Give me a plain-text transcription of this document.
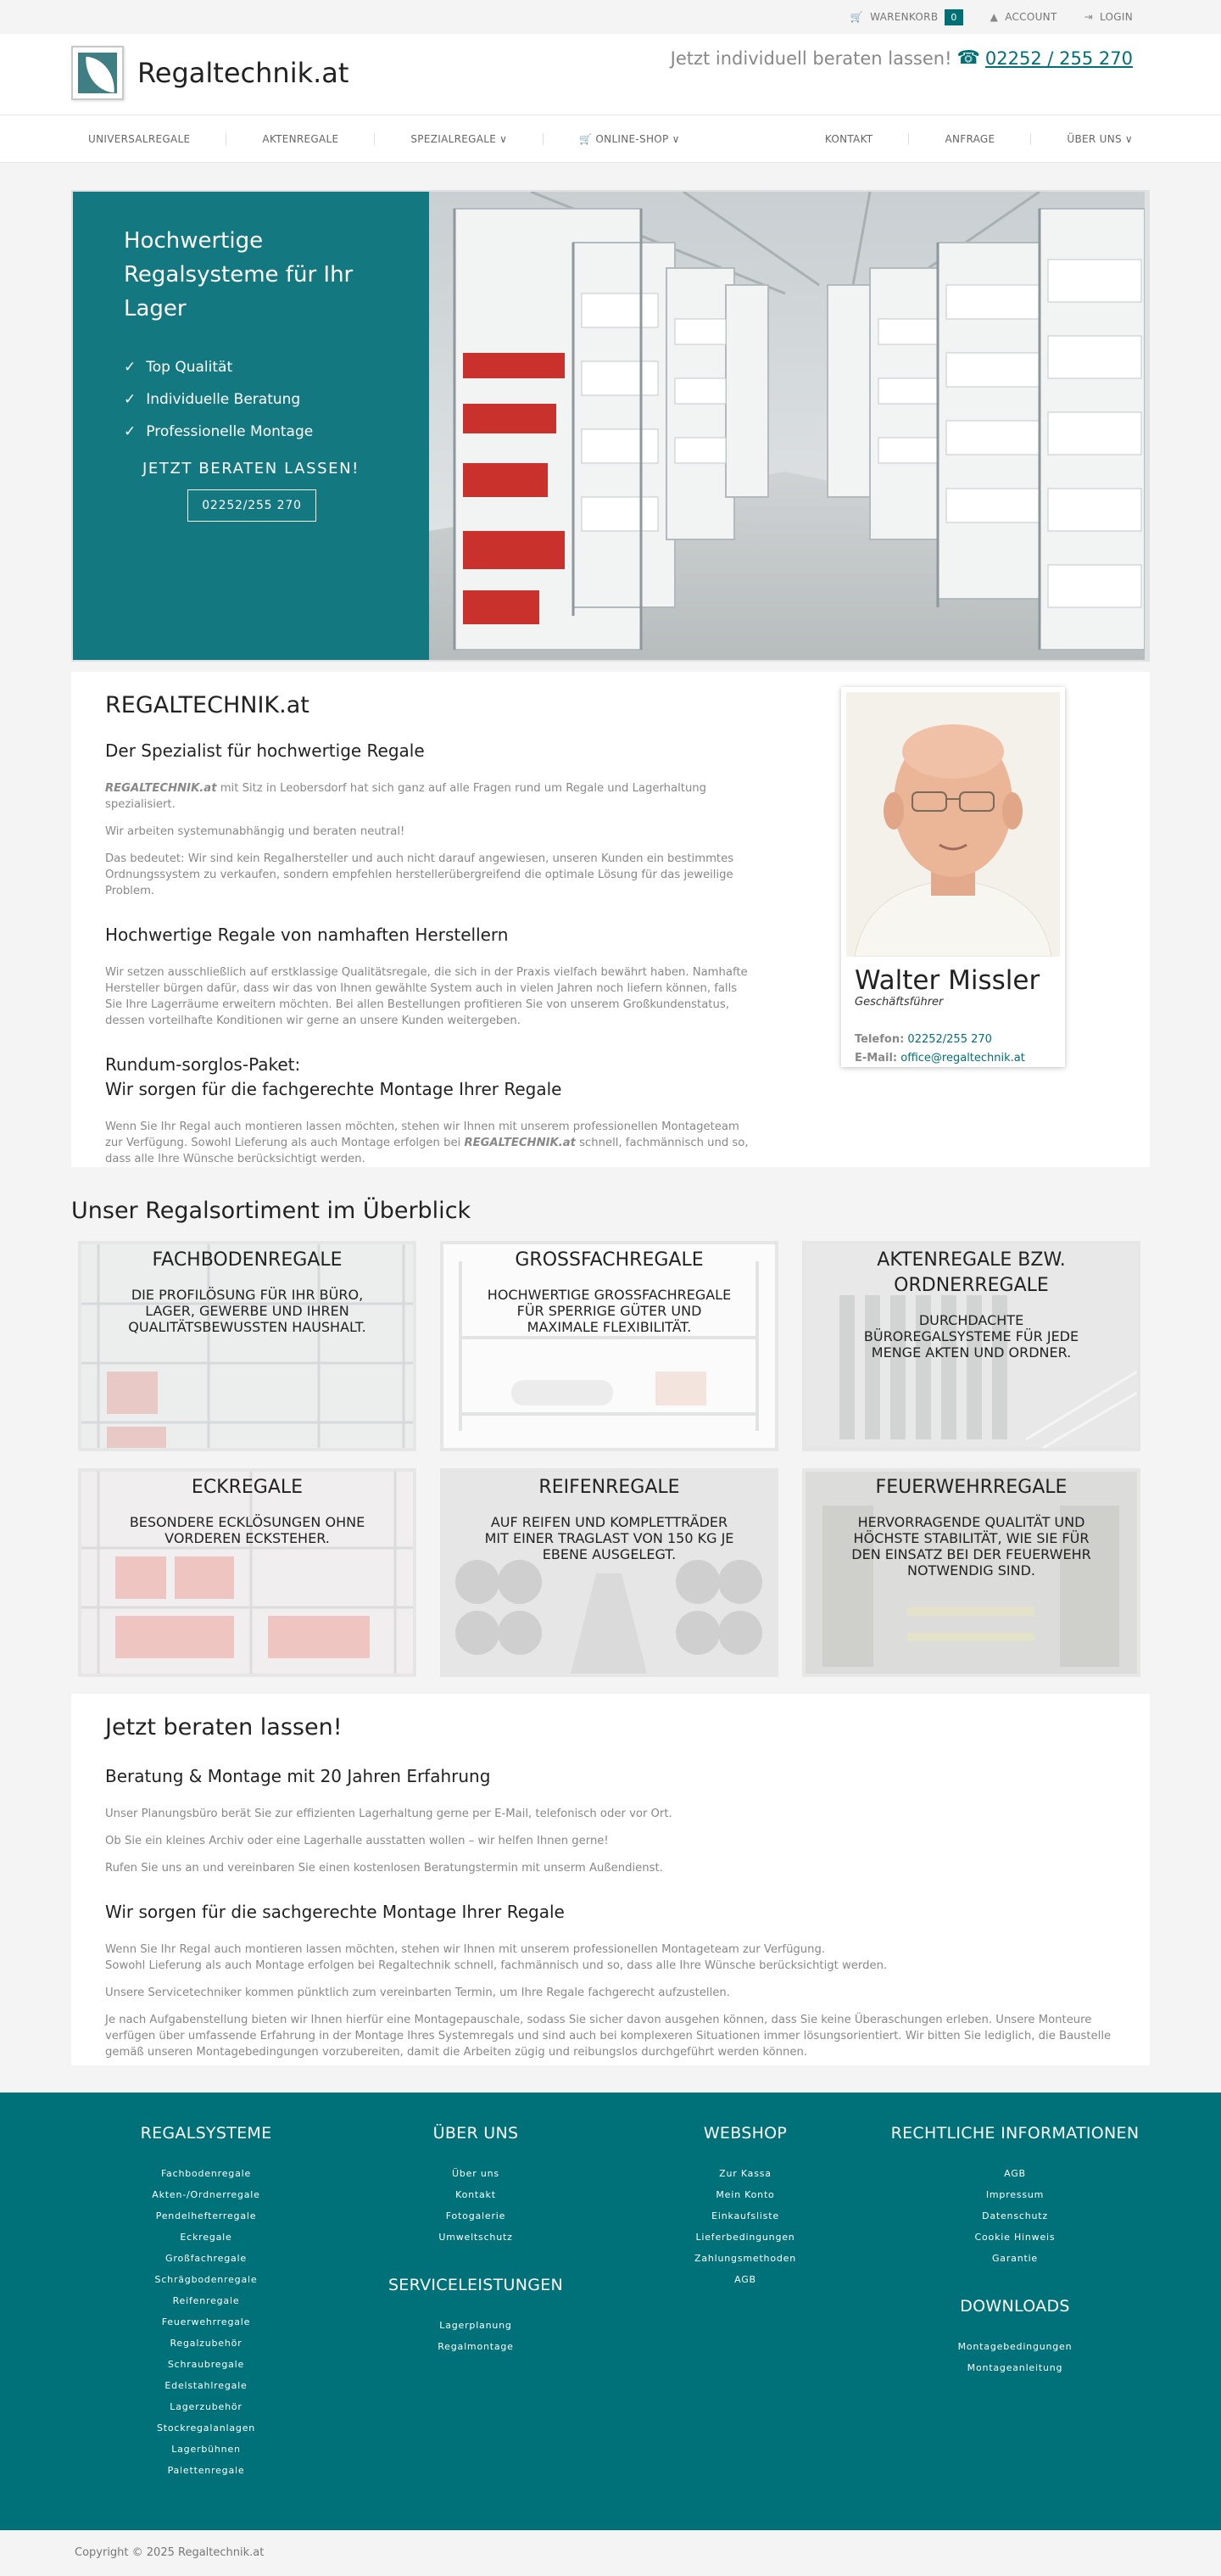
🛒 WARENKORB	0	▲ ACCOUNT	⇥ LOGIN
Regaltechnik.at	Jetzt individuell beraten lassen! ☎ 02252 / 255 270
UNIVERSALREGALE	AKTENREGALE	SPEZIALREGALE ∨	🛒 ONLINE-SHOP ∨	KONTAKT	ANFRAGE	ÜBER UNS ∨
Hochwertige Regalsysteme für Ihr Lager
✓ Top Qualität
✓ Individuelle Beratung
✓ Professionelle Montage
JETZT BERATEN LASSEN!
02252/255 270
REGALTECHNIK.at
Der Spezialist für hochwertige Regale

REGALTECHNIK.at mit Sitz in Leobersdorf hat sich ganz auf alle Fragen rund um Regale und Lagerhaltung spezialisiert.

Wir arbeiten systemunabhängig und beraten neutral!

Das bedeutet: Wir sind kein Regalhersteller und auch nicht darauf angewiesen, unseren Kunden ein bestimmtes Ordnungssystem zu verkaufen, sondern empfehlen herstellerübergreifend die optimale Lösung für das jeweilige Problem.

Hochwertige Regale von namhaften Herstellern

Wir setzen ausschließlich auf erstklassige Qualitätsregale, die sich in der Praxis vielfach bewährt haben. Namhafte Hersteller bürgen dafür, dass wir das von Ihnen gewählte System auch in vielen Jahren noch liefern können, falls Sie Ihre Lagerräume erweitern möchten. Bei allen Bestellungen profitieren Sie von unserem Großkundenstatus, dessen vorteilhafte Konditionen wir gerne an unsere Kunden weitergeben.

Rundum-sorglos-Paket:
Wir sorgen für die fachgerechte Montage Ihrer Regale

Wenn Sie Ihr Regal auch montieren lassen möchten, stehen wir Ihnen mit unserem professionellen Montageteam zur Verfügung. Sowohl Lieferung als auch Montage erfolgen bei REGALTECHNIK.at schnell, fachmännisch und so, dass alle Ihre Wünsche berücksichtigt werden.

Walter Missler
Geschäftsführer
Telefon: 02252/255 270
E-Mail: office@regaltechnik.at
Unser Regalsortiment im Überblick
FACHBODENREGALE
DIE PROFILÖSUNG FÜR IHR BÜRO, LAGER, GEWERBE UND IHREN QUALITÄTSBEWUSSTEN HAUSHALT.
GROSSFACHREGALE
HOCHWERTIGE GROSSFACHREGALE FÜR SPERRIGE GÜTER UND MAXIMALE FLEXIBILITÄT.
AKTENREGALE BZW. ORDNERREGALE
DURCHDACHTE BÜROREGALSYSTEME FÜR JEDE MENGE AKTEN UND ORDNER.
ECKREGALE
BESONDERE ECKLÖSUNGEN OHNE VORDEREN ECKSTEHER.
REIFENREGALE
AUF REIFEN UND KOMPLETTRÄDER MIT EINER TRAGLAST VON 150 KG JE EBENE AUSGELEGT.
FEUERWEHRREGALE
HERVORRAGENDE QUALITÄT UND HÖCHSTE STABILITÄT, WIE SIE FÜR DEN EINSATZ BEI DER FEUERWEHR NOTWENDIG SIND.
Jetzt beraten lassen!
Beratung & Montage mit 20 Jahren Erfahrung

Unser Planungsbüro berät Sie zur effizienten Lagerhaltung gerne per E-Mail, telefonisch oder vor Ort.

Ob Sie ein kleines Archiv oder eine Lagerhalle ausstatten wollen – wir helfen Ihnen gerne!

Rufen Sie uns an und vereinbaren Sie einen kostenlosen Beratungstermin mit unserm Außendienst.

Wir sorgen für die sachgerechte Montage Ihrer Regale

Wenn Sie Ihr Regal auch montieren lassen möchten, stehen wir Ihnen mit unserem professionellen Montageteam zur Verfügung.
Sowohl Lieferung als auch Montage erfolgen bei Regaltechnik schnell, fachmännisch und so, dass alle Ihre Wünsche berücksichtigt werden.

Unsere Servicetechniker kommen pünktlich zum vereinbarten Termin, um Ihre Regale fachgerecht aufzustellen.

Je nach Aufgabenstellung bieten wir Ihnen hierfür eine Montagepauschale, sodass Sie sicher davon ausgehen können, dass Sie keine Überaschungen erleben. Unsere Monteure verfügen über umfassende Erfahrung in der Montage Ihres Systemregals und sind auch bei komplexeren Situationen immer lösungsorientiert. Wir bitten Sie lediglich, die Baustelle gemäß unseren Montagebedingungen vorzubereiten, damit die Arbeiten zügig und reibungslos durchgeführt werden können.

REGALSYSTEME
Fachbodenregale
Akten-/Ordnerregale
Pendelhefterregale
Eckregale
Großfachregale
Schrägbodenregale
Reifenregale
Feuerwehrregale
Regalzubehör
Schraubregale
Edelstahlregale
Lagerzubehör
Stockregalanlagen
Lagerbühnen
Palettenregale
ÜBER UNS
Über uns
Kontakt
Fotogalerie
Umweltschutz
SERVICELEISTUNGEN
Lagerplanung
Regalmontage
WEBSHOP
Zur Kassa
Mein Konto
Einkaufsliste
Lieferbedingungen
Zahlungsmethoden
AGB
RECHTLICHE INFORMATIONEN
AGB
Impressum
Datenschutz
Cookie Hinweis
Garantie
DOWNLOADS
Montagebedingungen
Montageanleitung
Copyright © 2025 Regaltechnik.at
